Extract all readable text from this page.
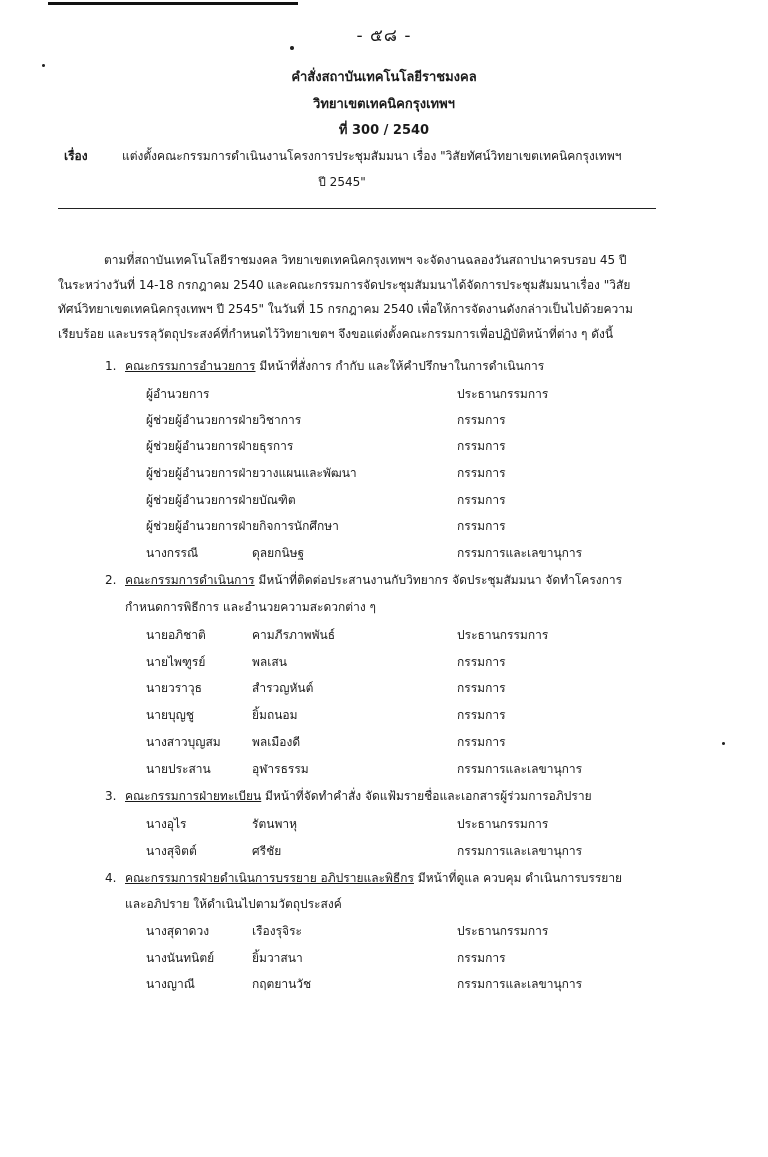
- ๕๘ -
คำสั่งสถาบันเทคโนโลยีราชมงคล
วิทยาเขตเทคนิคกรุงเทพฯ
ที่ 300 / 2540
เรื่อง	แต่งตั้งคณะกรรมการดำเนินงานโครงการประชุมสัมมนา เรื่อง "วิสัยทัศน์วิทยาเขตเทคนิคกรุงเทพฯ
ปี 2545"
ตามที่สถาบันเทคโนโลยีราชมงคล วิทยาเขตเทคนิคกรุงเทพฯ จะจัดงานฉลองวันสถาปนาครบรอบ 45 ปี
ในระหว่างวันที่ 14-18 กรกฎาคม 2540 และคณะกรรมการจัดประชุมสัมมนาได้จัดการประชุมสัมมนาเรื่อง "วิสัย
ทัศน์วิทยาเขตเทคนิคกรุงเทพฯ ปี 2545" ในวันที่ 15 กรกฎาคม 2540 เพื่อให้การจัดงานดังกล่าวเป็นไปด้วยความ
เรียบร้อย และบรรลุวัตถุประสงค์ที่กำหนดไว้วิทยาเขตฯ จึงขอแต่งตั้งคณะกรรมการเพื่อปฏิบัติหน้าที่ต่าง ๆ ดังนี้
1. คณะกรรมการอำนวยการ มีหน้าที่สั่งการ กำกับ และให้คำปรึกษาในการดำเนินการ
ผู้อำนวยการ	ประธานกรรมการ
ผู้ช่วยผู้อำนวยการฝ่ายวิชาการ	กรรมการ
ผู้ช่วยผู้อำนวยการฝ่ายธุรการ	กรรมการ
ผู้ช่วยผู้อำนวยการฝ่ายวางแผนและพัฒนา	กรรมการ
ผู้ช่วยผู้อำนวยการฝ่ายบัณฑิต	กรรมการ
ผู้ช่วยผู้อำนวยการฝ่ายกิจการนักศึกษา	กรรมการ
นางกรรณี	ดุลยกนิษฐ	กรรมการและเลขานุการ
2. คณะกรรมการดำเนินการ มีหน้าที่ติดต่อประสานงานกับวิทยากร จัดประชุมสัมมนา จัดทำโครงการ
กำหนดการพิธีการ และอำนวยความสะดวกต่าง ๆ
นายอภิชาติ	คามภีรภาพพันธ์	ประธานกรรมการ
นายไพฑูรย์	พลเสน	กรรมการ
นายวราวุธ	สำรวญหันต์	กรรมการ
นายบุญชู	ยิ้มถนอม	กรรมการ
นางสาวบุญสม	พลเมืองดี	กรรมการ
นายประสาน	อุฬารธรรม	กรรมการและเลขานุการ
3. คณะกรรมการฝ่ายทะเบียน มีหน้าที่จัดทำคำสั่ง จัดแฟ้มรายชื่อและเอกสารผู้ร่วมการอภิปราย
นางอุไร	รัตนพาหุ	ประธานกรรมการ
นางสุจิตต์	ศรีชัย	กรรมการและเลขานุการ
4. คณะกรรมการฝ่ายดำเนินการบรรยาย อภิปรายและพิธีกร มีหน้าที่ดูแล ควบคุม ดำเนินการบรรยาย
และอภิปราย ให้ดำเนินไปตามวัตถุประสงค์
นางสุดาดวง	เรืองรุจิระ	ประธานกรรมการ
นางนันทนิตย์	ยิ้มวาสนา	กรรมการ
นางญาณี	กฤตยานวัช	กรรมการและเลขานุการ
